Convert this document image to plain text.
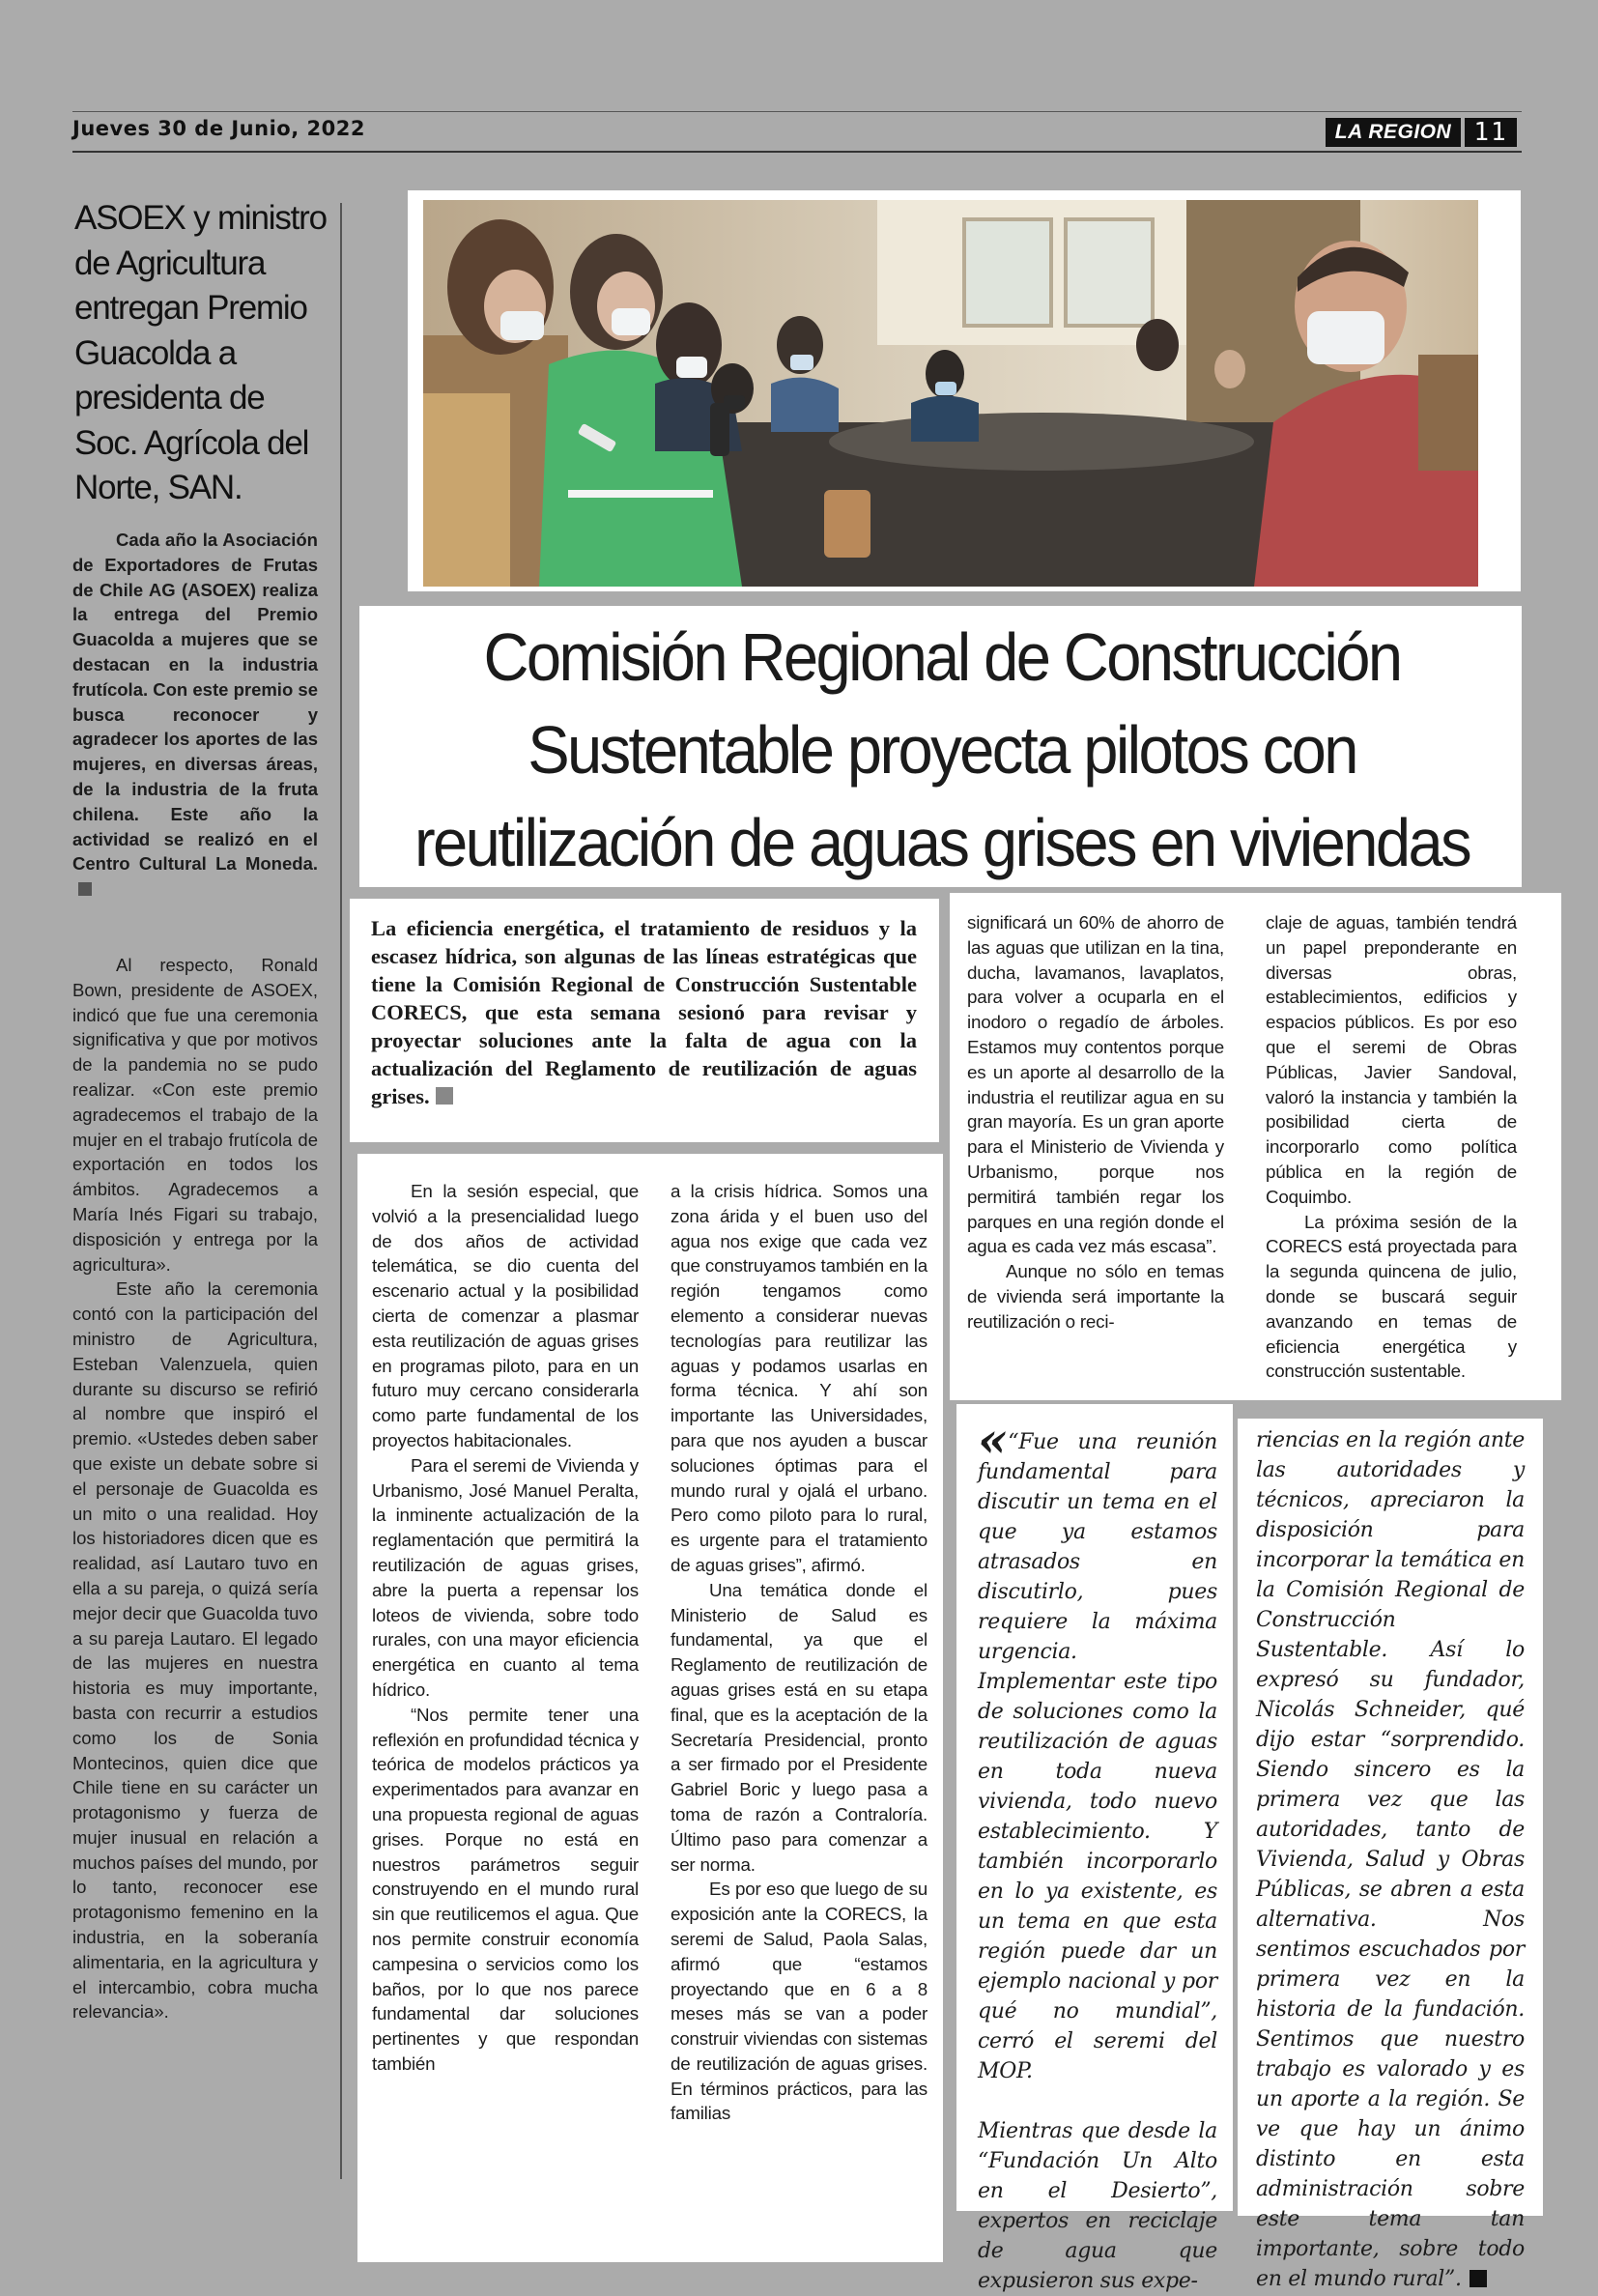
Jueves 30 de Junio, 2022	LA REGION 11
ASOEX y ministro de Agricultura entregan Premio Guacolda a presidenta de Soc. Agrícola del Norte, SAN.
Cada año la Asociación de Exportadores de Frutas de Chile AG (ASOEX) realiza la entrega del Premio Guacolda a mujeres que se destacan en la industria frutícola. Con este premio se busca reconocer y agradecer los aportes de las mujeres, en diversas áreas, de la industria de la fruta chilena. Este año la actividad se realizó en el Centro Cultural La Moneda.

Al respecto, Ronald Bown, presidente de ASOEX, indicó que fue una ceremonia significativa y que por motivos de la pandemia no se pudo realizar. «Con este premio agradecemos el trabajo de la mujer en el trabajo frutícola de exportación en todos los ámbitos. Agradecemos a María Inés Figari su trabajo, disposición y entrega por la agricultura».

Este año la ceremonia contó con la participación del ministro de Agricultura, Esteban Valenzuela, quien durante su discurso se refirió al nombre que inspiró el premio. «Ustedes deben saber que existe un debate sobre si el personaje de Guacolda es un mito o una realidad. Hoy los historiadores dicen que es realidad, así Lautaro tuvo en ella a su pareja, o quizá sería mejor decir que Guacolda tuvo a su pareja Lautaro. El legado de las mujeres en nuestra historia es muy importante, basta con recurrir a estudios como los de Sonia Montecinos, quien dice que Chile tiene en su carácter un protagonismo y fuerza de mujer inusual en relación a muchos países del mundo, por lo tanto, reconocer ese protagonismo femenino en la industria, en la soberanía alimentaria, en la agricultura y el intercambio, cobra mucha relevancia».

Comisión Regional de Construcción Sustentable proyecta pilotos con reutilización de aguas grises en viviendas
La eficiencia energética, el tratamiento de residuos y la escasez hídrica, son algunas de las líneas estratégicas que tiene la Comisión Regional de Construcción Sustentable CORECS, que esta semana sesionó para revisar y proyectar soluciones ante la falta de agua con la actualización del Reglamento de reutilización de aguas grises.

En la sesión especial, que volvió a la presencialidad luego de dos años de actividad telemática, se dio cuenta del escenario actual y la posibilidad cierta de comenzar a plasmar esta reutilización de aguas grises en programas piloto, para en un futuro muy cercano considerarla como parte fundamental de los proyectos habitacionales.

Para el seremi de Vivienda y Urbanismo, José Manuel Peralta, la inminente actualización de la reglamentación que permitirá la reutilización de aguas grises, abre la puerta a repensar los loteos de vivienda, sobre todo rurales, con una mayor eficiencia energética en cuanto al tema hídrico.

“Nos permite tener una reflexión en profundidad técnica y teórica de modelos prácticos ya experimentados para avanzar en una propuesta regional de aguas grises. Porque no está en nuestros parámetros seguir construyendo en el mundo rural sin que reutilicemos el agua. Que nos permite construir economía campesina o servicios como los baños, por lo que nos parece fundamental dar soluciones pertinentes y que respondan también

a la crisis hídrica. Somos una zona árida y el buen uso del agua nos exige que cada vez que construyamos también en la región tengamos como elemento a considerar nuevas tecnologías para reutilizar las aguas y podamos usarlas en forma técnica. Y ahí son importante las Universidades, para que nos ayuden a buscar soluciones óptimas para el mundo rural y ojalá el urbano. Pero como piloto para lo rural, es urgente para el tratamiento de aguas grises”, afirmó.

Una temática donde el Ministerio de Salud es fundamental, ya que el Reglamento de reutilización de aguas grises está en su etapa final, que es la aceptación de la Secretaría Presidencial, pronto a ser firmado por el Presidente Gabriel Boric y luego pasa a toma de razón a Contraloría. Último paso para comenzar a ser norma.

Es por eso que luego de su exposición ante la CORECS, la seremi de Salud, Paola Salas, afirmó que “estamos proyectando que en 6 a 8 meses más se van a poder construir viviendas con sistemas de reutilización de aguas grises. En términos prácticos, para las familias

significará un 60% de ahorro de las aguas que utilizan en la tina, ducha, lavamanos, lavaplatos, para volver a ocuparla en el inodoro o regadío de árboles. Estamos muy contentos porque es un aporte al desarrollo de la industria el reutilizar agua en su gran mayoría. Es un gran aporte para el Ministerio de Vivienda y Urbanismo, porque nos permitirá también regar los parques en una región donde el agua es cada vez más escasa”.

Aunque no sólo en temas de vivienda será importante la reutilización o reci-

claje de aguas, también tendrá un papel preponderante en diversas obras, establecimientos, edificios y espacios públicos. Es por eso que el seremi de Obras Públicas, Javier Sandoval, valoró la instancia y también la posibilidad cierta de incorporarlo como política pública en la región de Coquimbo.

La próxima sesión de la CORECS está proyectada para la segunda quincena de julio, donde se buscará seguir avanzando en temas de eficiencia energética y construcción sustentable.

« “Fue una reunión fundamental para discutir un tema en el que ya estamos atrasados en discutirlo, pues requiere la máxima urgencia. Implementar este tipo de soluciones como la reutilización de aguas en toda nueva vivienda, todo nuevo establecimiento. Y también incorporarlo en lo ya existente, es un tema en que esta región puede dar un ejemplo nacional y por qué no mundial”, cerró el seremi del MOP.

Mientras que desde la “Fundación Un Alto en el Desierto”, expertos en reciclaje de agua que expusieron sus expe-

riencias en la región ante las autoridades y técnicos, apreciaron la disposición para incorporar la temática en la Comisión Regional de Construcción Sustentable. Así lo expresó su fundador, Nicolás Schneider, qué dijo estar “sorprendido. Siendo sincero es la primera vez que las autoridades, tanto de Vivienda, Salud y Obras Públicas, se abren a esta alternativa. Nos sentimos escuchados por primera vez en la historia de la fundación. Sentimos que nuestro trabajo es valorado y es un aporte a la región. Se ve que hay un ánimo distinto en esta administración sobre este tema tan importante, sobre todo en el mundo rural”.
